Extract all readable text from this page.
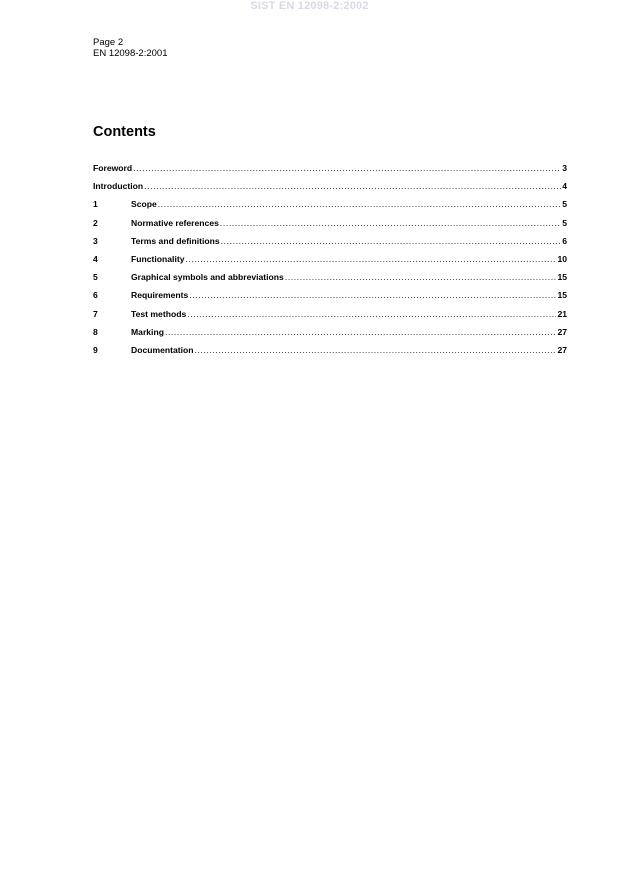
SIST EN 12098-2:2002
Page 2
EN 12098-2:2001
Contents
Foreword .....	3
Introduction .....	4
1	Scope .....	5
2	Normative references .....	5
3	Terms and definitions .....	6
4	Functionality .....	10
5	Graphical symbols and abbreviations .....	15
6	Requirements .....	15
7	Test methods .....	21
8	Marking .....	27
9	Documentation .....	27
